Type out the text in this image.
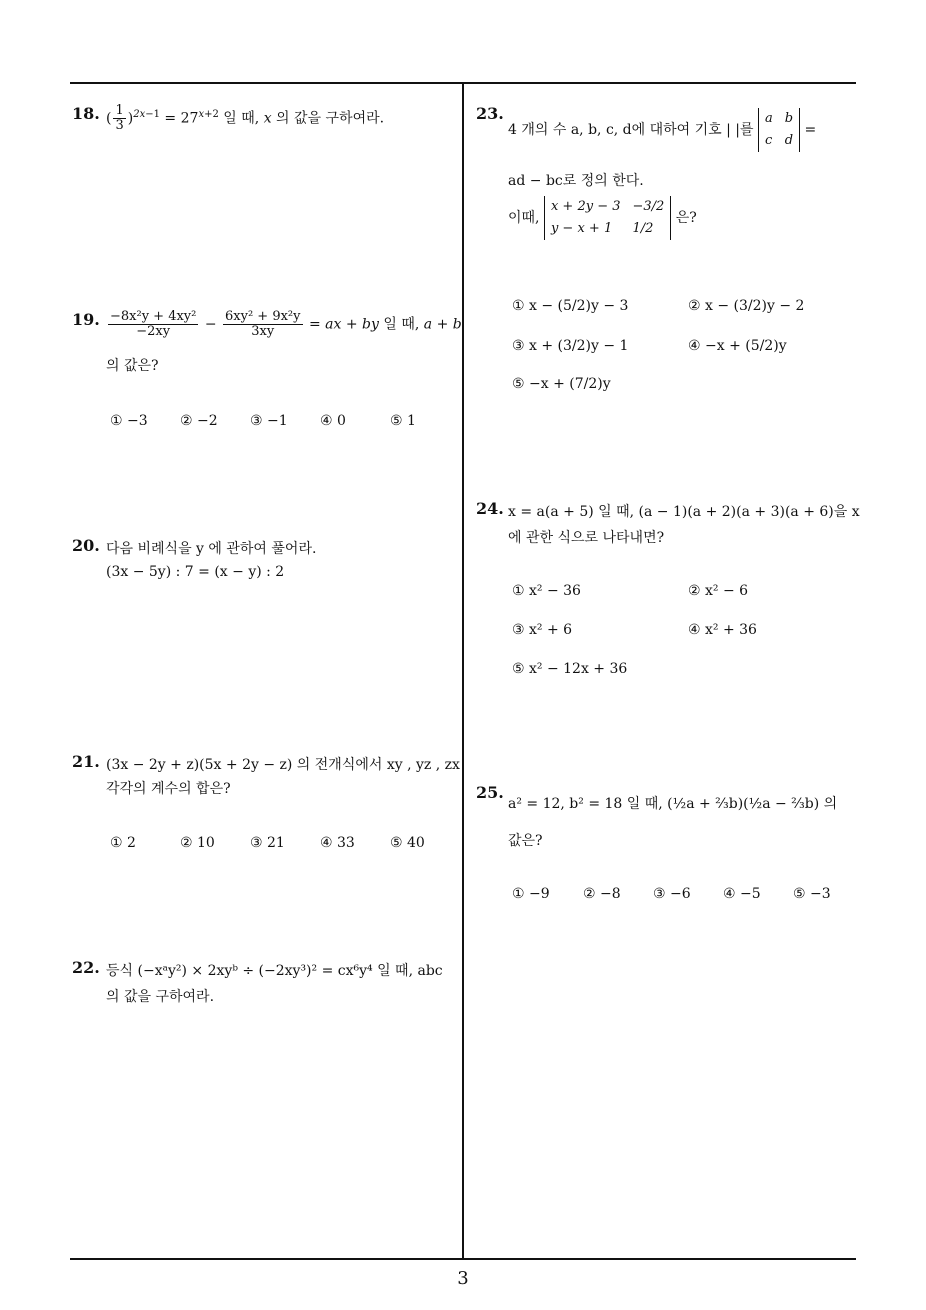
18. ( $\frac{1}{3} )^{2x-1} = 27^{x+2}$ 일 때, x 의 값을 구하여라.
19. $\frac{\text{−8x²y + 4xy²}}{-2xy} - \frac{\text{6xy² + 9x²y}}{3xy}$ = ax + by 일 때, a + b
의 값은?
① −3 ② −2 ③ −1 ④ 0	⑤ 1
20. 다음 비례식을 y 에 관하여 풀어라.
(3x − 5y) : 7 = (x − y) : 2
21. (3x − 2y + z)(5x + 2y − z) 의 전개식에서 xy , yz , zx
각각의 계수의 합은?
① 2	② 10	③ 21	④ 33	⑤ 40
22. 등식 (−xᵃy²) × 2xyᵇ ÷ (−2xy³)² = cx⁶y⁴ 일 때, abc
의 값을 구하여라.
23.
4 개의 수 a, b, c, d에 대하여 기호 | |를 a	b
c	d =
ad − bc로 정의 한다.
이때, x + 2y − 3	−3/2
y − x + 1	1/2 은?
① x − (5/2)y − 3	② x − (3/2)y − 2
③ x + (3/2)y − 1	④ −x + (5/2)y
⑤ −x + (7/2)y
24. x = a(a + 5) 일 때, (a − 1)(a + 2)(a + 3)(a + 6)을 x
에 관한 식으로 나타내면?
① x² − 36	② x² − 6
③ x² + 6	④ x² + 36
⑤ x² − 12x + 36
25.
a² = 12, b² = 18 일 때, (½a + ⅔b)(½a − ⅔b) 의
값은?
① −9 ② −8 ③ −6 ④ −5 ⑤ −3
3
